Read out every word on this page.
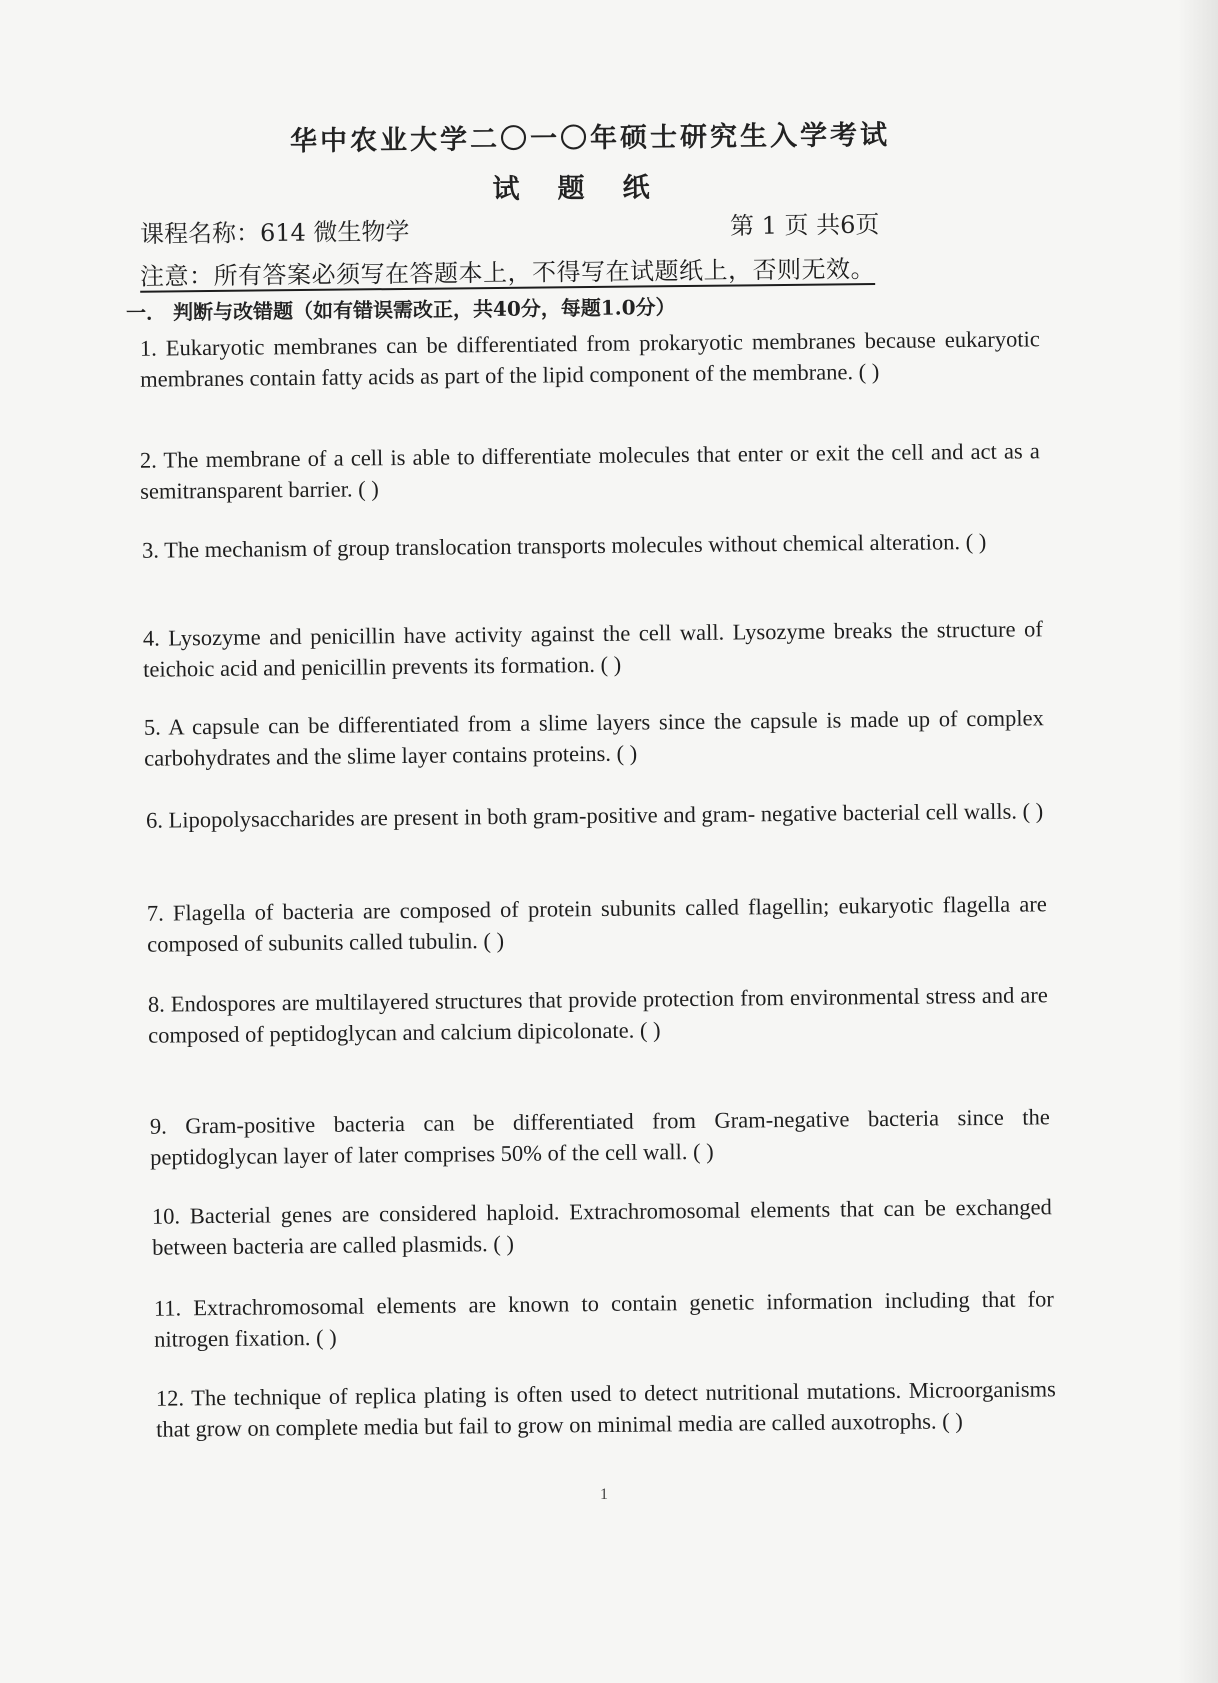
华中农业大学二〇一〇年硕士研究生入学考试
试题纸
课程名称：614 微生物学	第 1 页 共6页
注意：所有答案必须写在答题本上，不得写在试题纸上，否则无效。
一． 判断与改错题（如有错误需改正，共40分，每题1.0分）
1. Eukaryotic membranes can be differentiated from prokaryotic membranes because eukaryotic membranes contain fatty acids as part of the lipid component of the membrane. ( )
2. The membrane of a cell is able to differentiate molecules that enter or exit the cell and act as a semitransparent barrier. ( )
3. The mechanism of group translocation transports molecules without chemical alteration. ( )
4. Lysozyme and penicillin have activity against the cell wall. Lysozyme breaks the structure of teichoic acid and penicillin prevents its formation. ( )
5. A capsule can be differentiated from a slime layers since the capsule is made up of complex carbohydrates and the slime layer contains proteins. ( )
6. Lipopolysaccharides are present in both gram-positive and gram- negative bacterial cell walls. ( )
7. Flagella of bacteria are composed of protein subunits called flagellin; eukaryotic flagella are composed of subunits called tubulin. ( )
8. Endospores are multilayered structures that provide protection from environmental stress and are composed of peptidoglycan and calcium dipicolonate. ( )
9. Gram-positive bacteria can be differentiated from Gram-negative bacteria since the peptidoglycan layer of later comprises 50% of the cell wall. ( )
10. Bacterial genes are considered haploid. Extrachromosomal elements that can be exchanged between bacteria are called plasmids. ( )
11. Extrachromosomal elements are known to contain genetic information including that for nitrogen fixation. ( )
12. The technique of replica plating is often used to detect nutritional mutations. Microorganisms that grow on complete media but fail to grow on minimal media are called auxotrophs. ( )
1
